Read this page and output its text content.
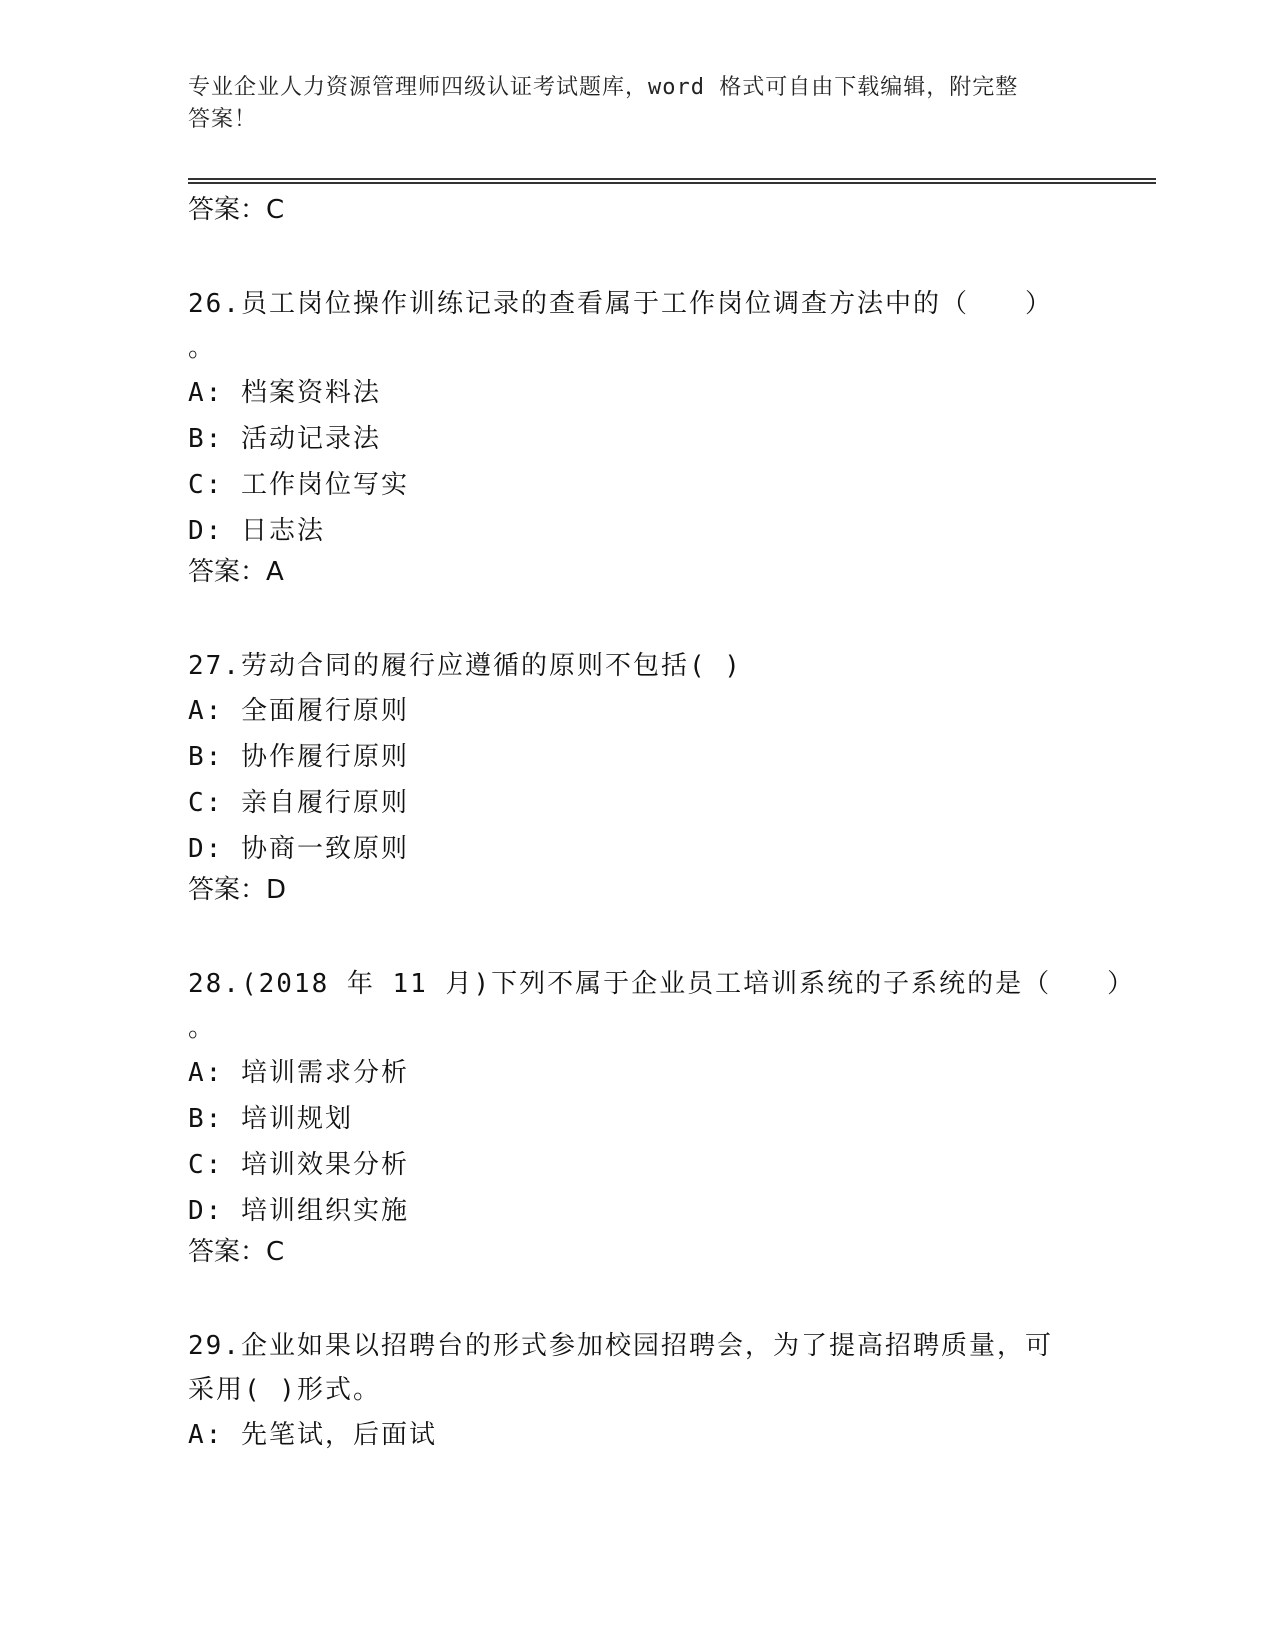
专业企业人力资源管理师四级认证考试题库，word 格式可自由下载编辑，附完整
答案！
答案：C

26.员工岗位操作训练记录的查看属于工作岗位调查方法中的（　　）

。

A: 档案资料法

B: 活动记录法

C: 工作岗位写实

D: 日志法

答案：A

27.劳动合同的履行应遵循的原则不包括( )

A: 全面履行原则

B: 协作履行原则

C: 亲自履行原则

D: 协商一致原则

答案：D

28.(2018 年 11 月)下列不属于企业员工培训系统的子系统的是（　　）

。

A: 培训需求分析

B: 培训规划

C: 培训效果分析

D: 培训组织实施

答案：C

29.企业如果以招聘台的形式参加校园招聘会，为了提高招聘质量，可

采用( )形式。

A: 先笔试，后面试
